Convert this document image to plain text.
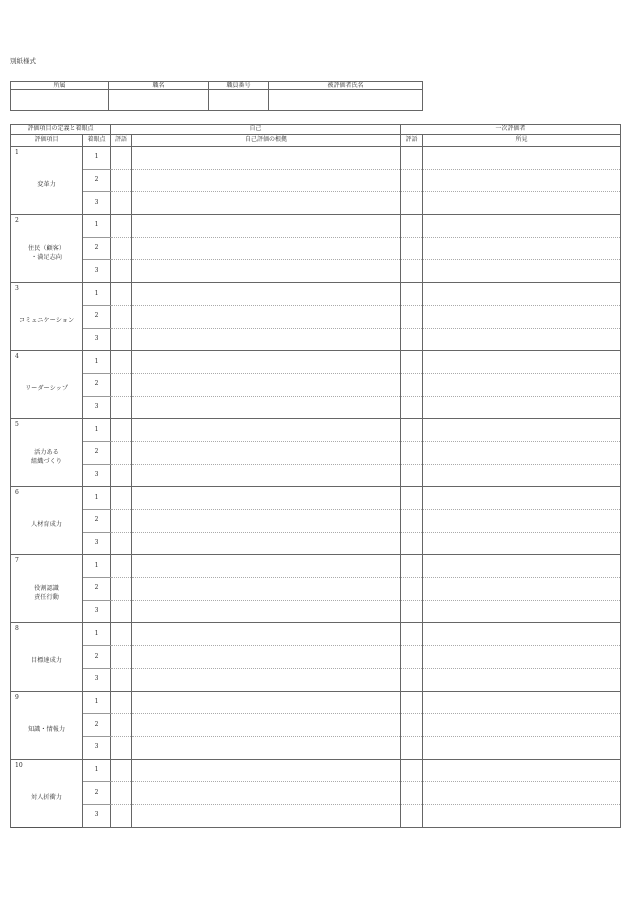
別紙様式
所属	職名	職員番号	被評価者氏名

評価項目の定義と着眼点		自己		一次評価者	
評価項目	着眼点	評語	自己評価の根拠	評語	所見

1
変革力	1				
	2				
	3				

2
住民（顧客）
・満足志向	1				
	2				
	3				

3
コミュニケーション	1				
	2				
	3				

4
リーダーシップ	1				
	2				
	3				

5
活力ある
組織づくり	1				
	2				
	3				

6
人材育成力	1				
	2				
	3				

7
役割認識
責任行動	1				
	2				
	3				

8
目標達成力	1				
	2				
	3				

9
知識・情報力	1				
	2				
	3				

10
対人折衝力	1				
	2				
	3				
